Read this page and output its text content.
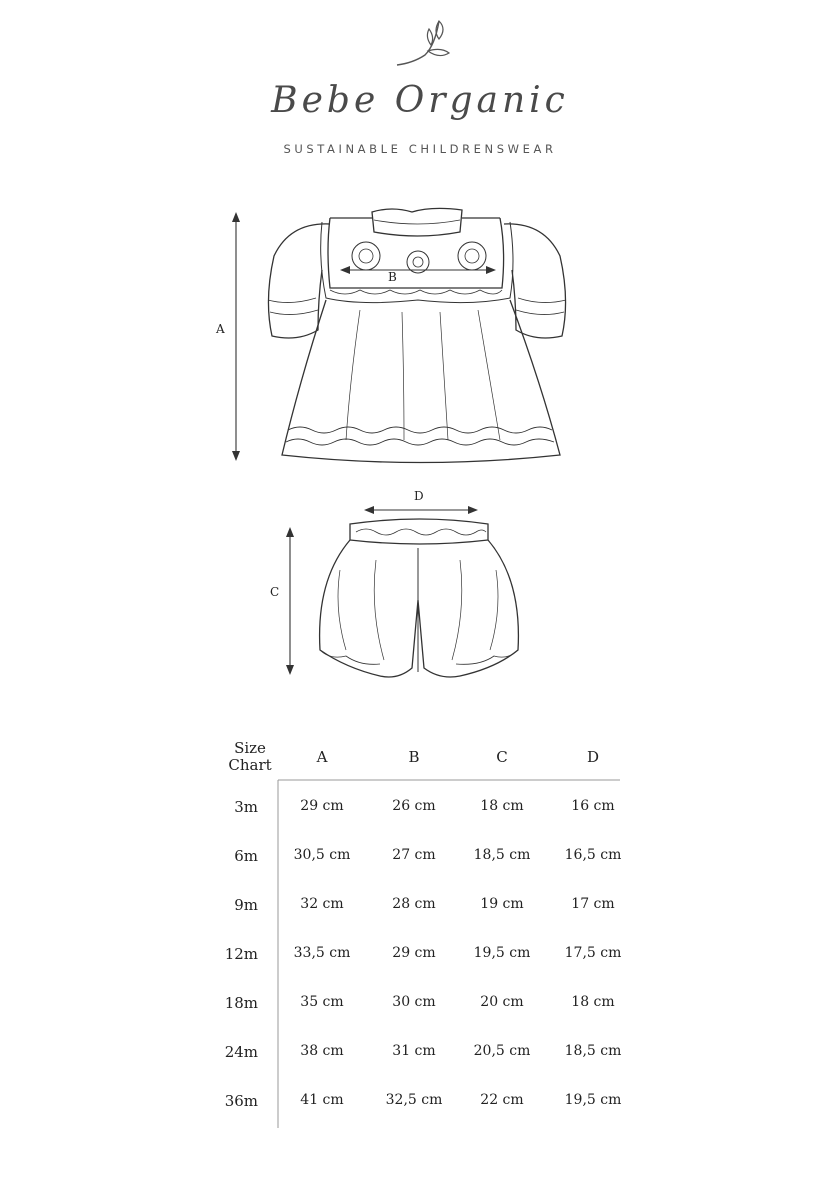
Bebe Organic
SUSTAINABLE CHILDRENSWEAR
A
B
C
D
Size
Chart	A	B	C	D
3m	29 cm	26 cm	18 cm	16 cm
6m	30,5 cm	27 cm	18,5 cm	16,5 cm
9m	32 cm	28 cm	19 cm	17 cm
12m	33,5 cm	29 cm	19,5 cm	17,5 cm
18m	35 cm	30 cm	20 cm	18 cm
24m	38 cm	31 cm	20,5 cm	18,5 cm
36m	41 cm	32,5 cm	22 cm	19,5 cm
